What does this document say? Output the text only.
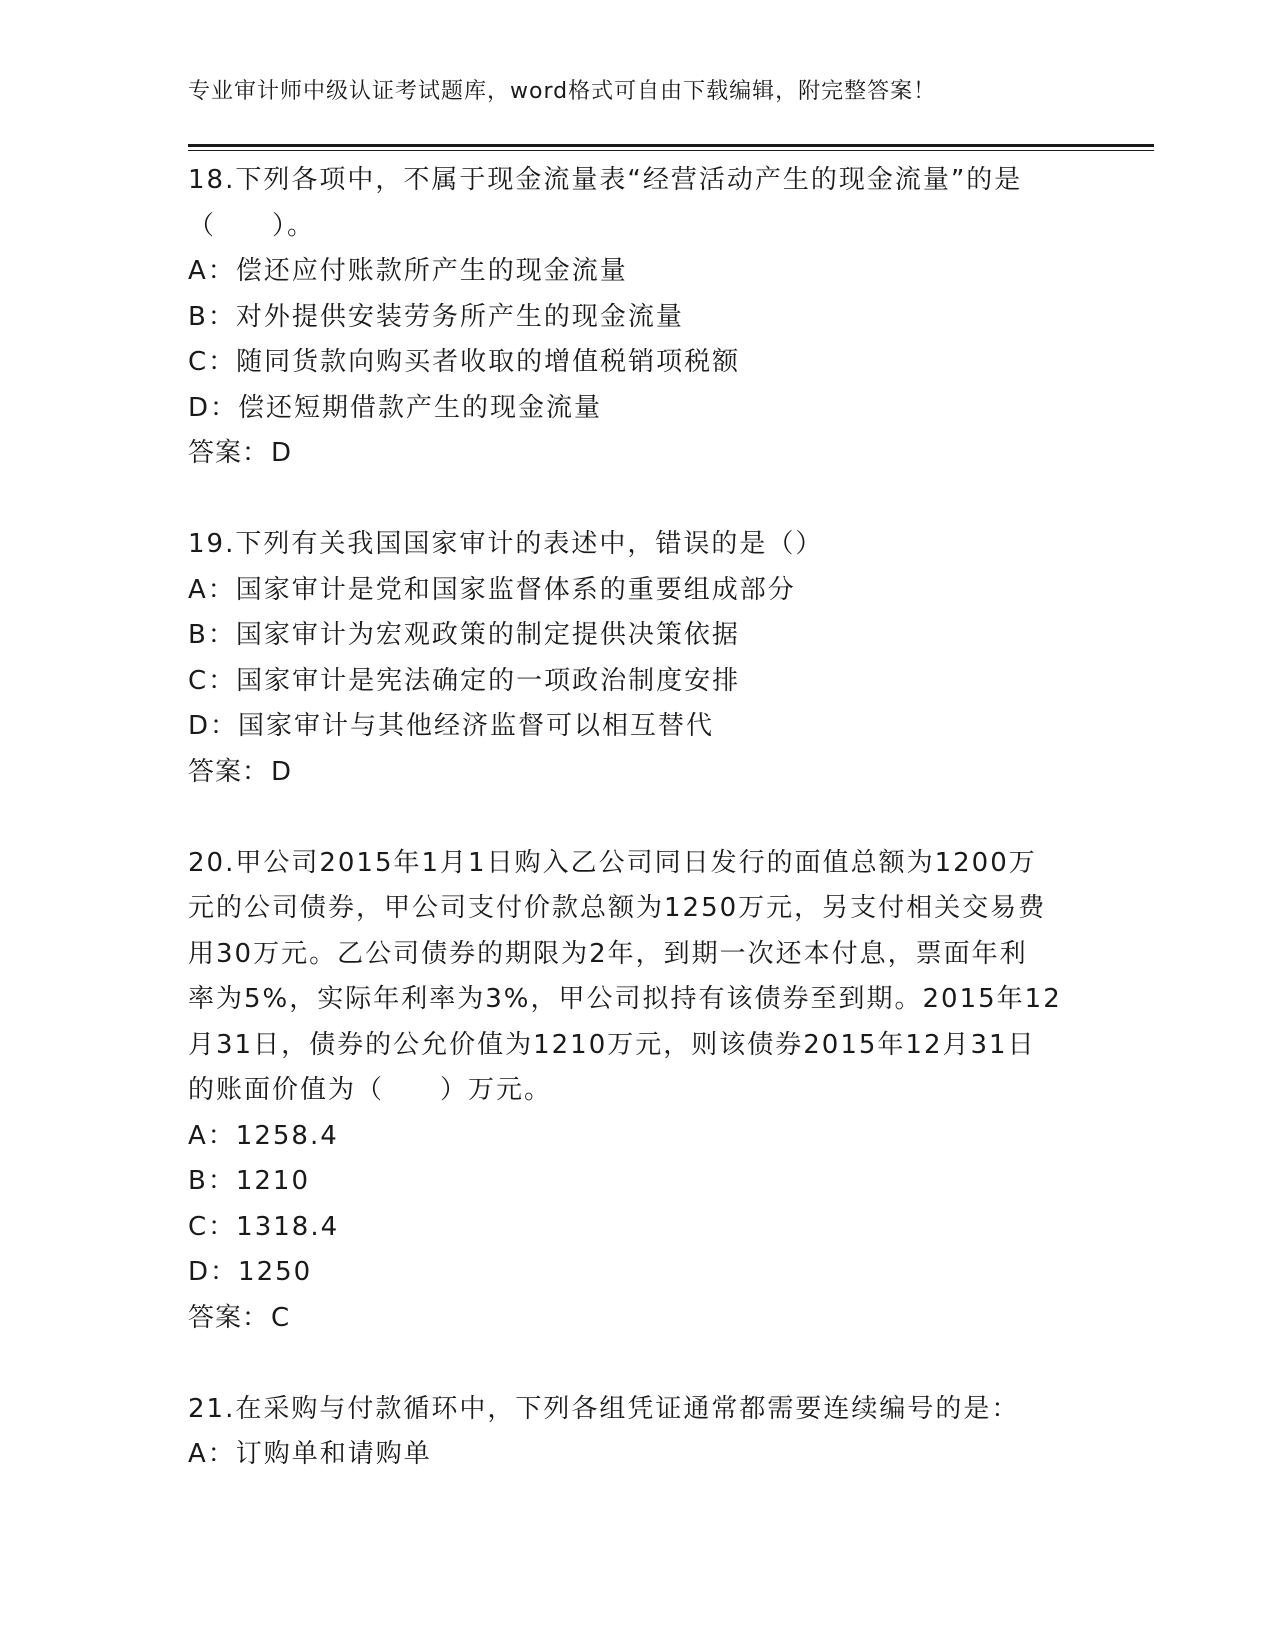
专业审计师中级认证考试题库，word格式可自由下载编辑，附完整答案！
18.下列各项中，不属于现金流量表“经营活动产生的现金流量”的是
（　　）。
A：偿还应付账款所产生的现金流量
B：对外提供安装劳务所产生的现金流量
C：随同货款向购买者收取的增值税销项税额
D：偿还短期借款产生的现金流量
答案：D
19.下列有关我国国家审计的表述中，错误的是（）
A：国家审计是党和国家监督体系的重要组成部分
B：国家审计为宏观政策的制定提供决策依据
C：国家审计是宪法确定的一项政治制度安排
D：国家审计与其他经济监督可以相互替代
答案：D
20.甲公司2015年1月1日购入乙公司同日发行的面值总额为1200万
元的公司债券，甲公司支付价款总额为1250万元，另支付相关交易费
用30万元。乙公司债券的期限为2年，到期一次还本付息，票面年利
率为5%，实际年利率为3%，甲公司拟持有该债券至到期。2015年12
月31日，债券的公允价值为1210万元，则该债券2015年12月31日
的账面价值为（　　）万元。
A：1258.4
B：1210
C：1318.4
D：1250
答案：C
21.在采购与付款循环中，下列各组凭证通常都需要连续编号的是：
A：订购单和请购单
